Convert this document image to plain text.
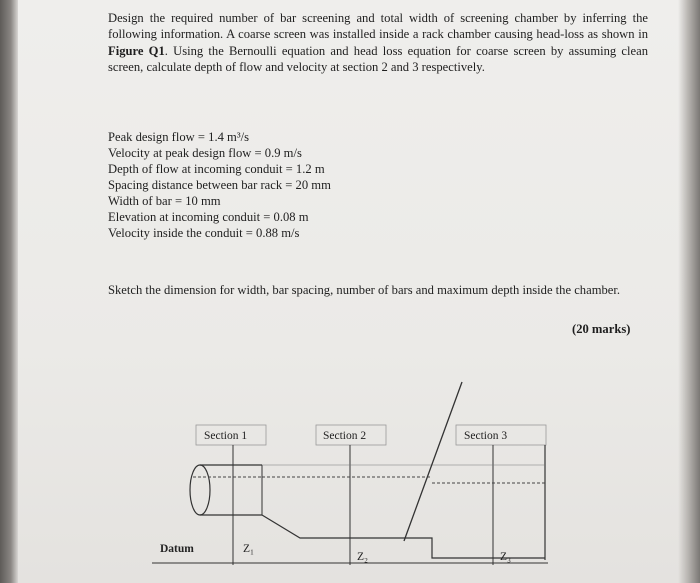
Design the required number of bar screening and total width of screening chamber by inferring the following information. A coarse screen was installed inside a rack chamber causing head-loss as shown in Figure Q1. Using the Bernoulli equation and head loss equation for coarse screen by assuming clean screen, calculate depth of flow and velocity at section 2 and 3 respectively.

Peak design flow = 1.4 m³/s
Velocity at peak design flow = 0.9 m/s
Depth of flow at incoming conduit = 1.2 m
Spacing distance between bar rack = 20 mm
Width of bar = 10 mm
Elevation at incoming conduit = 0.08 m
Velocity inside the conduit = 0.88 m/s

Sketch the dimension for width, bar spacing, number of bars and maximum depth inside the chamber.

(20 marks)
Section 1	Section 2	Section 3
Datum	Z₁
Z₂	Z₃
